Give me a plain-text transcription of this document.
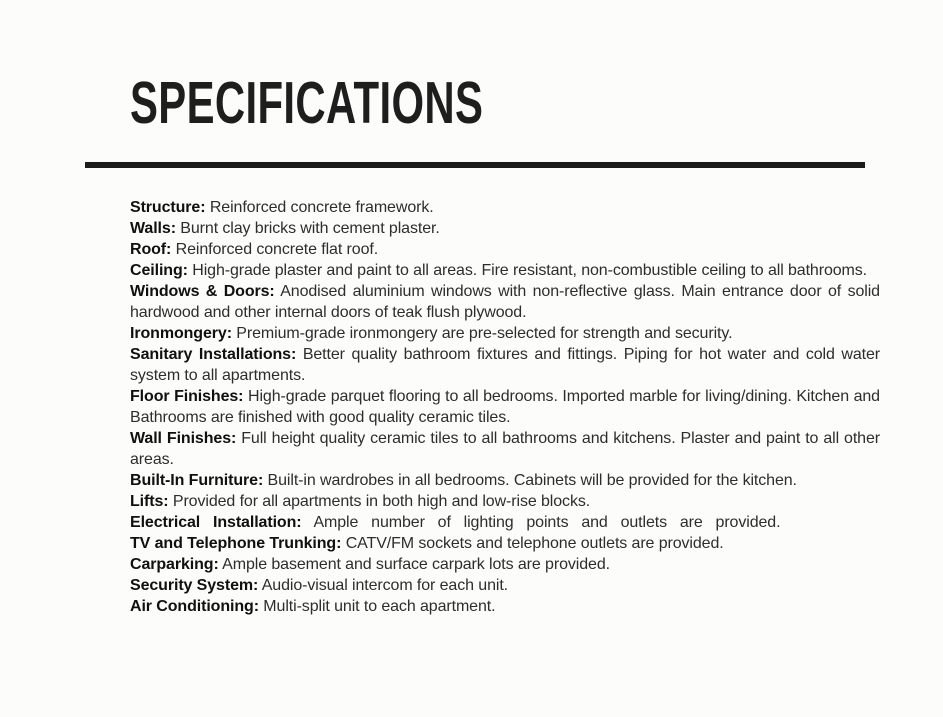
SPECIFICATIONS

Structure: Reinforced concrete framework.

Walls: Burnt clay bricks with cement plaster.

Roof: Reinforced concrete flat roof.

Ceiling: High-grade plaster and paint to all areas. Fire resistant, non-combustible ceiling to all bathrooms.

Windows & Doors: Anodised aluminium windows with non-reflective glass. Main entrance door of solid hardwood and other internal doors of teak flush plywood.

Ironmongery: Premium-grade ironmongery are pre-selected for strength and security.

Sanitary Installations: Better quality bathroom fixtures and fittings. Piping for hot water and cold water system to all apartments.

Floor Finishes: High-grade parquet flooring to all bedrooms. Imported marble for living/dining. Kitchen and Bathrooms are finished with good quality ceramic tiles.

Wall Finishes: Full height quality ceramic tiles to all bathrooms and kitchens. Plaster and paint to all other areas.

Built-In Furniture: Built-in wardrobes in all bedrooms. Cabinets will be provided for the kitchen.

Lifts: Provided for all apartments in both high and low-rise blocks.

Electrical Installation: Ample number of lighting points and outlets are provided.

TV and Telephone Trunking: CATV/FM sockets and telephone outlets are provided.

Carparking: Ample basement and surface carpark lots are provided.

Security System: Audio-visual intercom for each unit.

Air Conditioning: Multi-split unit to each apartment.
